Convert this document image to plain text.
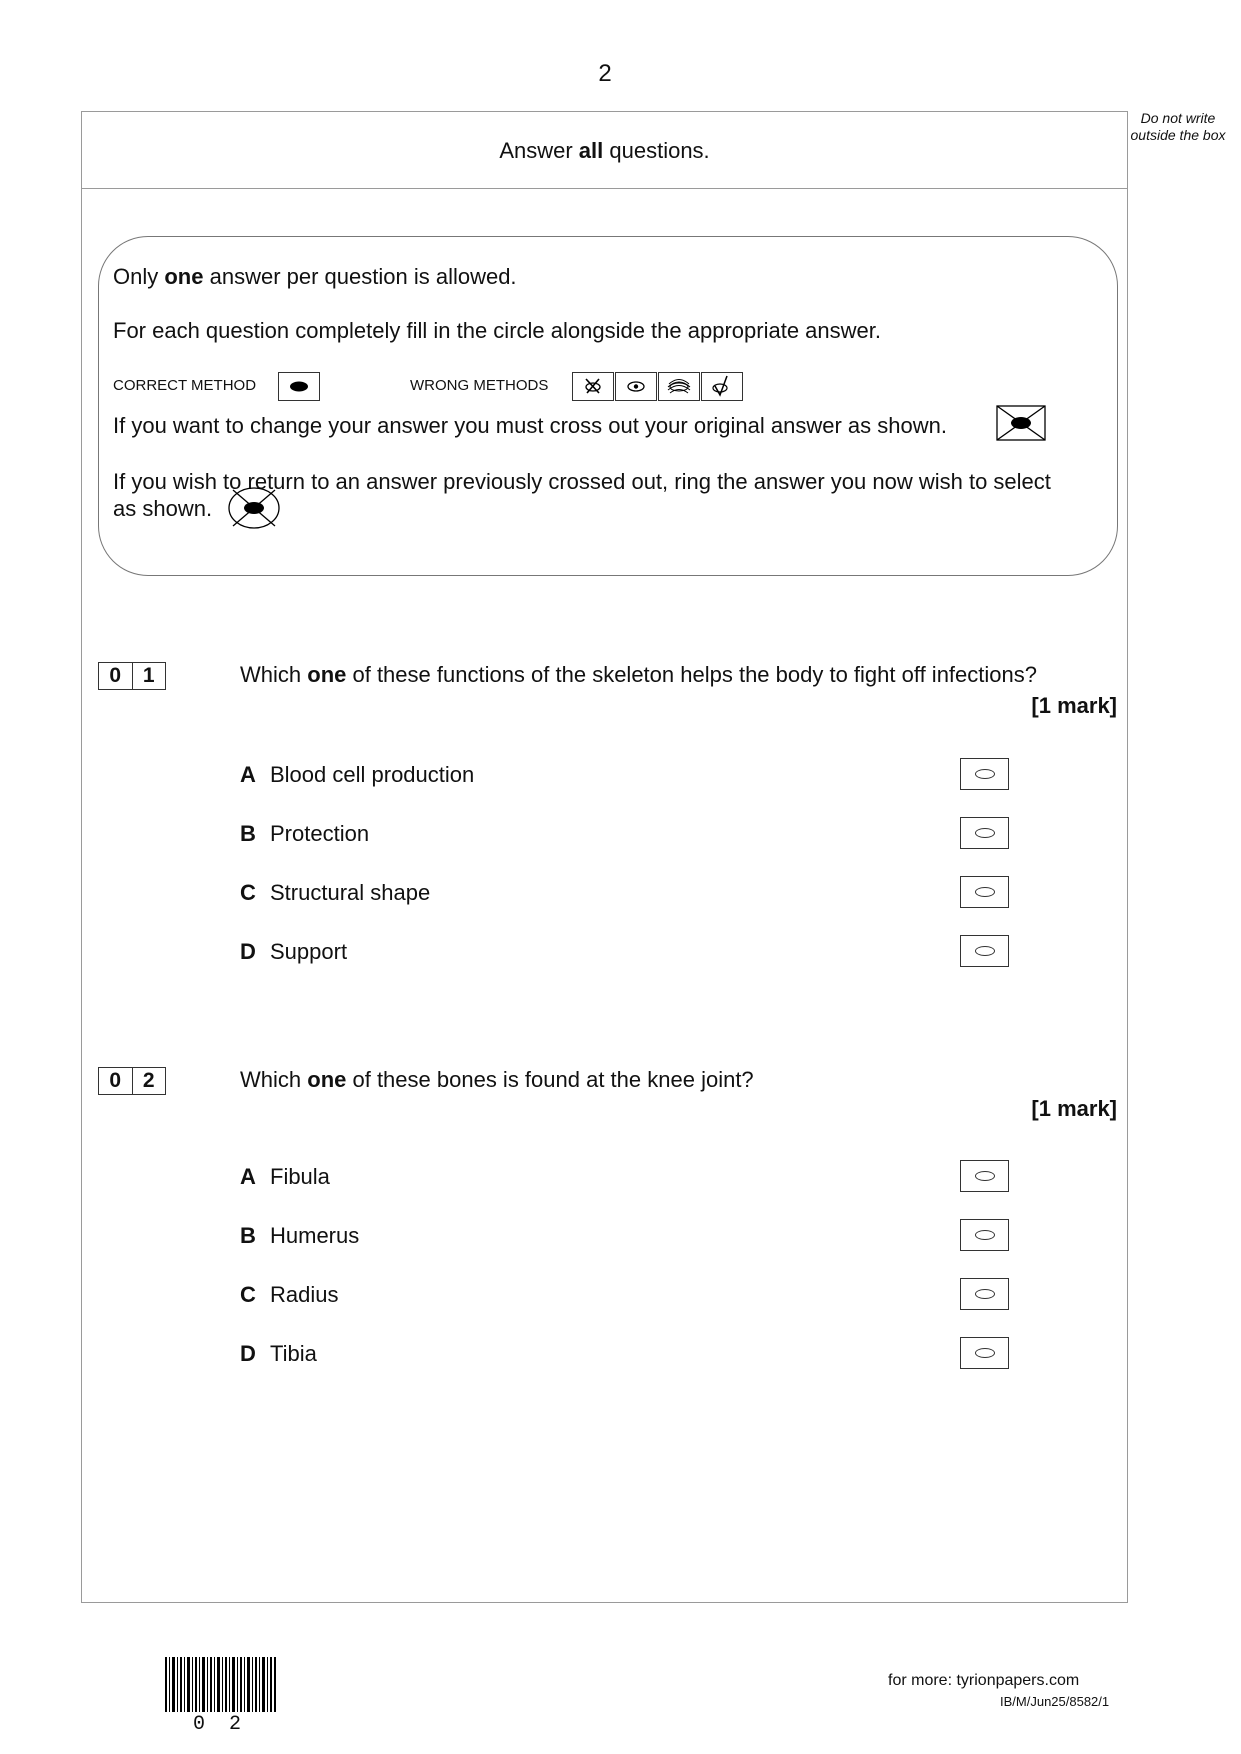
2
Do not write outside the box
Answer all questions.
Only one answer per question is allowed.
For each question completely fill in the circle alongside the appropriate answer.
CORRECT METHOD	WRONG METHODS
If you want to change your answer you must cross out your original answer as shown.
If you wish to return to an answer previously crossed out, ring the answer you now wish to select
as shown.
0	1	Which one of these functions of the skeleton helps the body to fight off infections?
[1 mark]
A Blood cell production
B Protection
C Structural shape
D Support
0	2	Which one of these bones is found at the knee joint?
[1 mark]
A Fibula
B Humerus
C Radius
D Tibia
0 2
for more: tyrionpapers.com
IB/M/Jun25/8582/1
